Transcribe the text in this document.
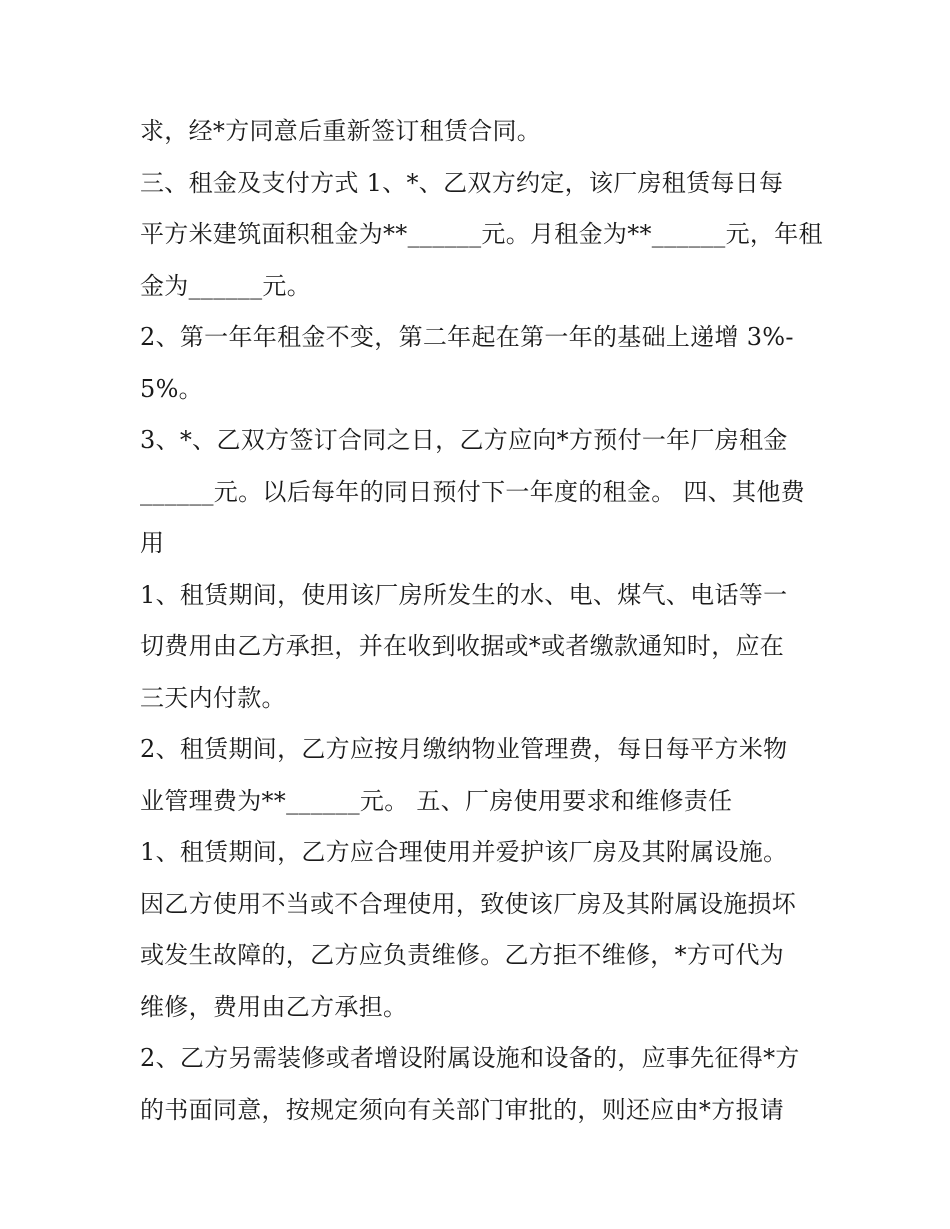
求，经*方同意后重新签订租赁合同。
三、租金及支付方式 1、*、乙双方约定，该厂房租赁每日每
平方米建筑面积租金为**______元。月租金为**______元，年租
金为______元。
2、第一年年租金不变，第二年起在第一年的基础上递增 3%-
5%。
3、*、乙双方签订合同之日，乙方应向*方预付一年厂房租金
______元。以后每年的同日预付下一年度的租金。 四、其他费
用
1、租赁期间，使用该厂房所发生的水、电、煤气、电话等一
切费用由乙方承担，并在收到收据或*或者缴款通知时，应在
三天内付款。
2、租赁期间，乙方应按月缴纳物业管理费，每日每平方米物
业管理费为**______元。 五、厂房使用要求和维修责任
1、租赁期间，乙方应合理使用并爱护该厂房及其附属设施。
因乙方使用不当或不合理使用，致使该厂房及其附属设施损坏
或发生故障的，乙方应负责维修。乙方拒不维修，*方可代为
维修，费用由乙方承担。
2、乙方另需装修或者增设附属设施和设备的，应事先征得*方
的书面同意，按规定须向有关部门审批的，则还应由*方报请
